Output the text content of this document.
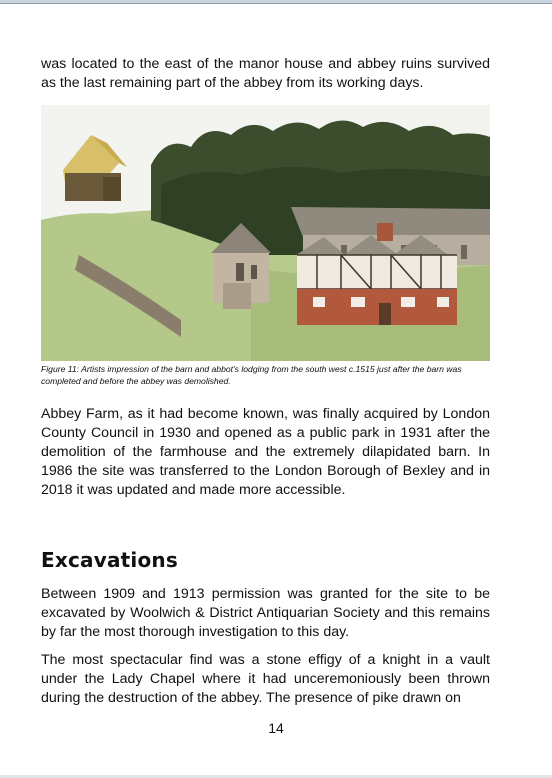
was located to the east of the manor house and abbey ruins survived as the last remaining part of the abbey from its working days.

Figure 11: Artists impression of the barn and abbot's lodging from the south west c.1515 just after the barn was completed and before the abbey was demolished.

Abbey Farm, as it had become known, was finally acquired by London County Council in 1930 and opened as a public park in 1931 after the demolition of the farmhouse and the extremely dilapidated barn. In 1986 the site was transferred to the London Borough of Bexley and in 2018 it was updated and made more accessible.

Excavations

Between 1909 and 1913 permission was granted for the site to be excavated by Woolwich & District Antiquarian Society and this remains by far the most thorough investigation to this day.

The most spectacular find was a stone effigy of a knight in a vault under the Lady Chapel where it had unceremoniously been thrown during the destruction of the abbey. The presence of pike drawn on

14
